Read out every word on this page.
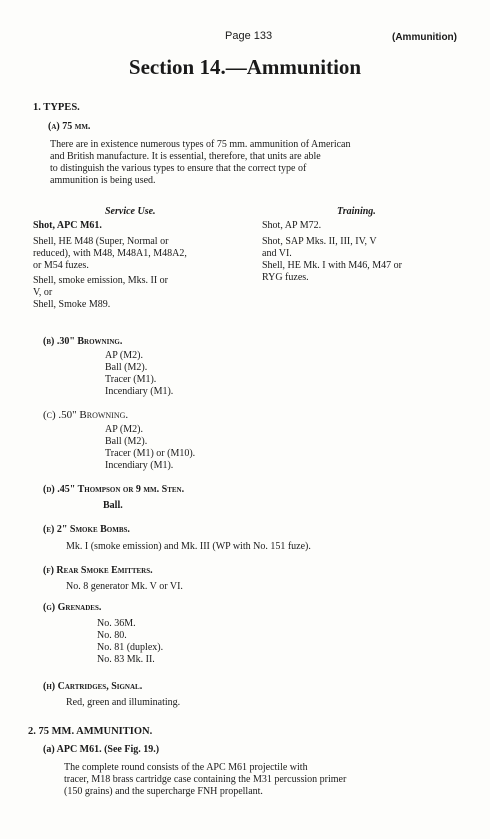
Page 133	(Ammunition)
Section 14.—Ammunition
1. TYPES.
(a) 75 mm.
There are in existence numerous types of 75 mm. ammunition of American
and British manufacture. It is essential, therefore, that units are able
to distinguish the various types to ensure that the correct type of
ammunition is being used.
Service Use.	Training.
Shot, APC M61.
Shell, HE M48 (Super, Normal or
reduced), with M48, M48A1, M48A2,
or M54 fuzes.
Shell, smoke emission, Mks. II or
V, or
Shell, Smoke M89.
Shot, AP M72.
Shot, SAP Mks. II, III, IV, V
and VI.
Shell, HE Mk. I with M46, M47 or
RYG fuzes.
(b) .30" Browning.
AP (M2).
Ball (M2).
Tracer (M1).
Incendiary (M1).
(c) .50" Browning.
AP (M2).
Ball (M2).
Tracer (M1) or (M10).
Incendiary (M1).
(d) .45" Thompson or 9 mm. Sten.
Ball.
(e) 2" Smoke Bombs.
Mk. I (smoke emission) and Mk. III (WP with No. 151 fuze).
(f) Rear Smoke Emitters.
No. 8 generator Mk. V or VI.
(g) Grenades.
No. 36M.
No. 80.
No. 81 (duplex).
No. 83 Mk. II.
(h) Cartridges, Signal.
Red, green and illuminating.
2. 75 MM. AMMUNITION.
(a) APC M61. (See Fig. 19.)
The complete round consists of the APC M61 projectile with
tracer, M18 brass cartridge case containing the M31 percussion primer
(150 grains) and the supercharge FNH propellant.
